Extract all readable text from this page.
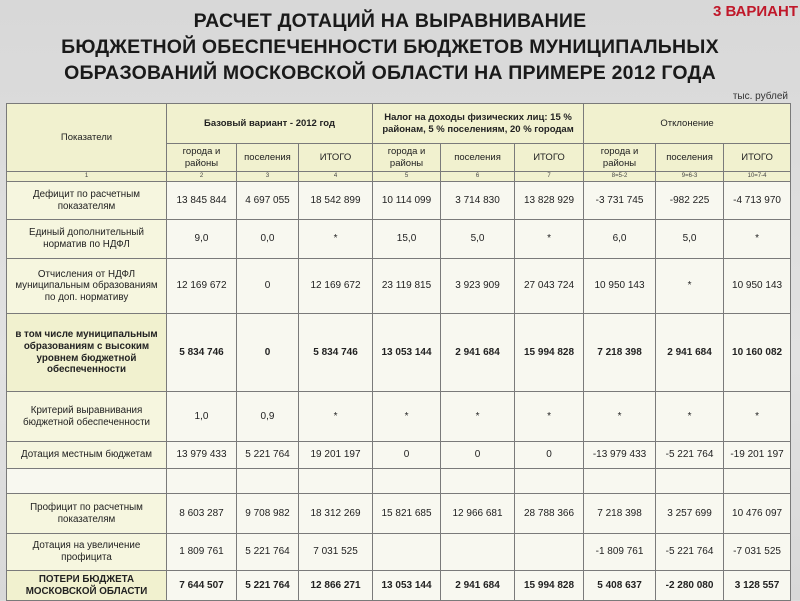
3 ВАРИАНТ
РАСЧЕТ ДОТАЦИЙ НА ВЫРАВНИВАНИЕ
БЮДЖЕТНОЙ ОБЕСПЕЧЕННОСТИ БЮДЖЕТОВ МУНИЦИПАЛЬНЫХ
ОБРАЗОВАНИЙ МОСКОВСКОЙ ОБЛАСТИ НА ПРИМЕРЕ 2012 ГОДА
тыс. рублей
Показатели	Базовый вариант - 2012 год			Налог на доходы физических лиц: 15 % районам, 5 % поселениям, 20 % городам			Отклонение		
	города и районы	поселения	ИТОГО	города и районы	поселения	ИТОГО	города и районы	поселения	ИТОГО
1	2	3	4	5	6	7	8=5-2	9=6-3	10=7-4
Дефицит по расчетным показателям	13 845 844	4 697 055	18 542 899	10 114 099	3 714 830	13 828 929	-3 731 745	-982 225	-4 713 970
Единый дополнительный норматив по НДФЛ	9,0	0,0	*	15,0	5,0	*	6,0	5,0	*
Отчисления от НДФЛ муниципальным образованиям по доп. нормативу	12 169 672	0	12 169 672	23 119 815	3 923 909	27 043 724	10 950 143	*	10 950 143
в том числе муниципальным образованиям с высоким уровнем бюджетной обеспеченности	5 834 746	0	5 834 746	13 053 144	2 941 684	15 994 828	7 218 398	2 941 684	10 160 082
Критерий выравнивания бюджетной обеспеченности	1,0	0,9	*	*	*	*	*	*	*
Дотация местным бюджетам	13 979 433	5 221 764	19 201 197	0	0	0	-13 979 433	-5 221 764	-19 201 197

Профицит по расчетным показателям	8 603 287	9 708 982	18 312 269	15 821 685	12 966 681	28 788 366	7 218 398	3 257 699	10 476 097
Дотация на увеличение профицита	1 809 761	5 221 764	7 031 525				-1 809 761	-5 221 764	-7 031 525
ПОТЕРИ БЮДЖЕТА МОСКОВСКОЙ ОБЛАСТИ	7 644 507	5 221 764	12 866 271	13 053 144	2 941 684	15 994 828	5 408 637	-2 280 080	3 128 557
